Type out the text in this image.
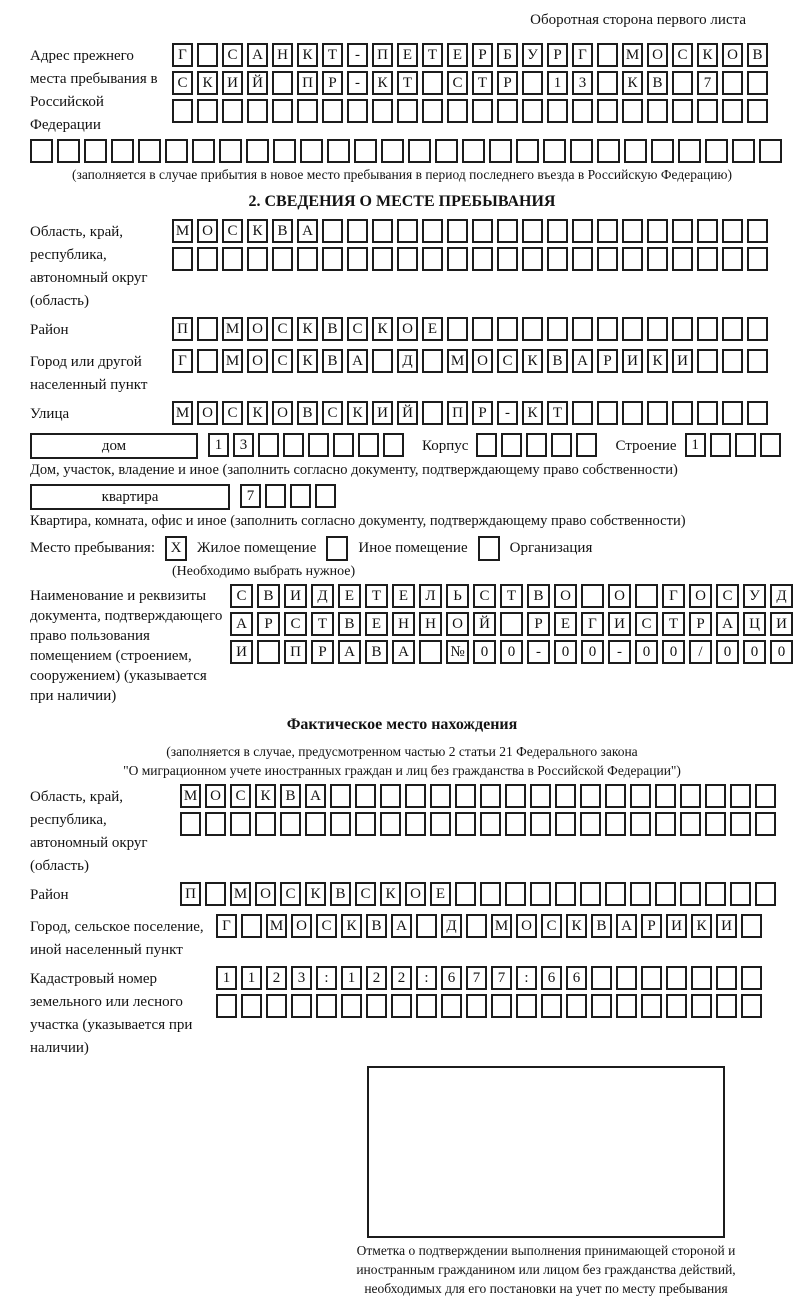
Оборотная сторона первого листа
Адрес прежнего места пребывания в Российской Федерации
Г	С А Н К	Т	-	П Е	Т	Е	Р	Б	У	Р	Г	М О С К О В
С К И Й	П	Р	-	К	Т	С	Т	Р	1	3	К В	7
(заполняется в случае прибытия в новое место пребывания в период последнего въезда в Российскую Федерацию)
2. СВЕДЕНИЯ О МЕСТЕ ПРЕБЫВАНИЯ
Область, край, республика, автономный округ (область)
М О С К В А
Район	П	М О С К В С К О Е
Город или другой населенный пункт
Г	М О С К В А	Д	М О С К В А	Р	И К И
Улица	М О С К О В С К И Й	П	Р	-	К	Т
дом	1	3	Корпус	Строение 1
Дом, участок, владение и иное (заполнить согласно документу, подтверждающему право собственности)
квартира	7
Квартира, комната, офис и иное (заполнить согласно документу, подтверждающему право собственности)
Место пребывания:	X	Жилое помещение	Иное помещение	Организация
(Необходимо выбрать нужное)
Наименование и реквизиты документа, подтверждающего право пользования помещением (строением, сооружением) (указывается при наличии)
С	В	И	Д	Е	Т	Е	Л	Ь	С	Т	В	О	О	Г	О	С	У	Д
А	Р	С	Т	В	Е	Н	Н	О	Й	Р	Е	Г	И	С	Т	Р	А	Ц	И
И	П	Р	А	В	А	№	0	0	-	0	0	-	0	0	/	0	0	0
Фактическое место нахождения
(заполняется в случае, предусмотренном частью 2 статьи 21 Федерального закона
"О миграционном учете иностранных граждан и лиц без гражданства в Российской Федерации")
Область, край, республика, автономный округ (область)
М О С К В А
Район	П	М О С К В С К О Е
Город, сельское поселение, иной населенный пункт
Г	М О С К В А	Д	М О С К В А	Р	И К И
Кадастровый номер земельного или лесного участка (указывается при наличии)
1	1	2	3	:	1	2	2	:	6	7	7	:	6	6
Отметка о подтверждении выполнения принимающей стороной и иностранным гражданином или лицом без гражданства действий, необходимых для его постановки на учет по месту пребывания
